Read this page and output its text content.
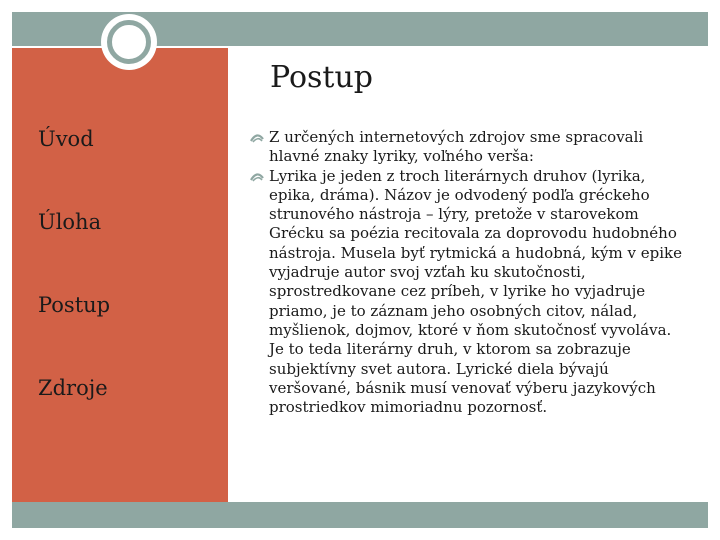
Postup
Úvod
Úloha
Postup
Zdroje

Z určených internetových zdrojov sme spracovali hlavné znaky lyriky, voľného verša:

Lyrika je jeden z troch literárnych druhov (lyrika, epika, dráma). Názov je odvodený podľa gréckeho strunového nástroja – lýry, pretože v starovekom Grécku sa poézia recitovala za doprovodu hudobného nástroja. Musela byť rytmická a hudobná, kým v epike vyjadruje autor svoj vzťah ku skutočnosti, sprostredkovane cez príbeh, v lyrike ho vyjadruje priamo, je to záznam jeho osobných citov, nálad, myšlienok, dojmov, ktoré v ňom skutočnosť vyvoláva. Je to teda literárny druh, v ktorom sa zobrazuje subjektívny svet autora. Lyrické diela bývajú veršované, básnik musí venovať výberu jazykových prostriedkov mimoriadnu pozornosť.
